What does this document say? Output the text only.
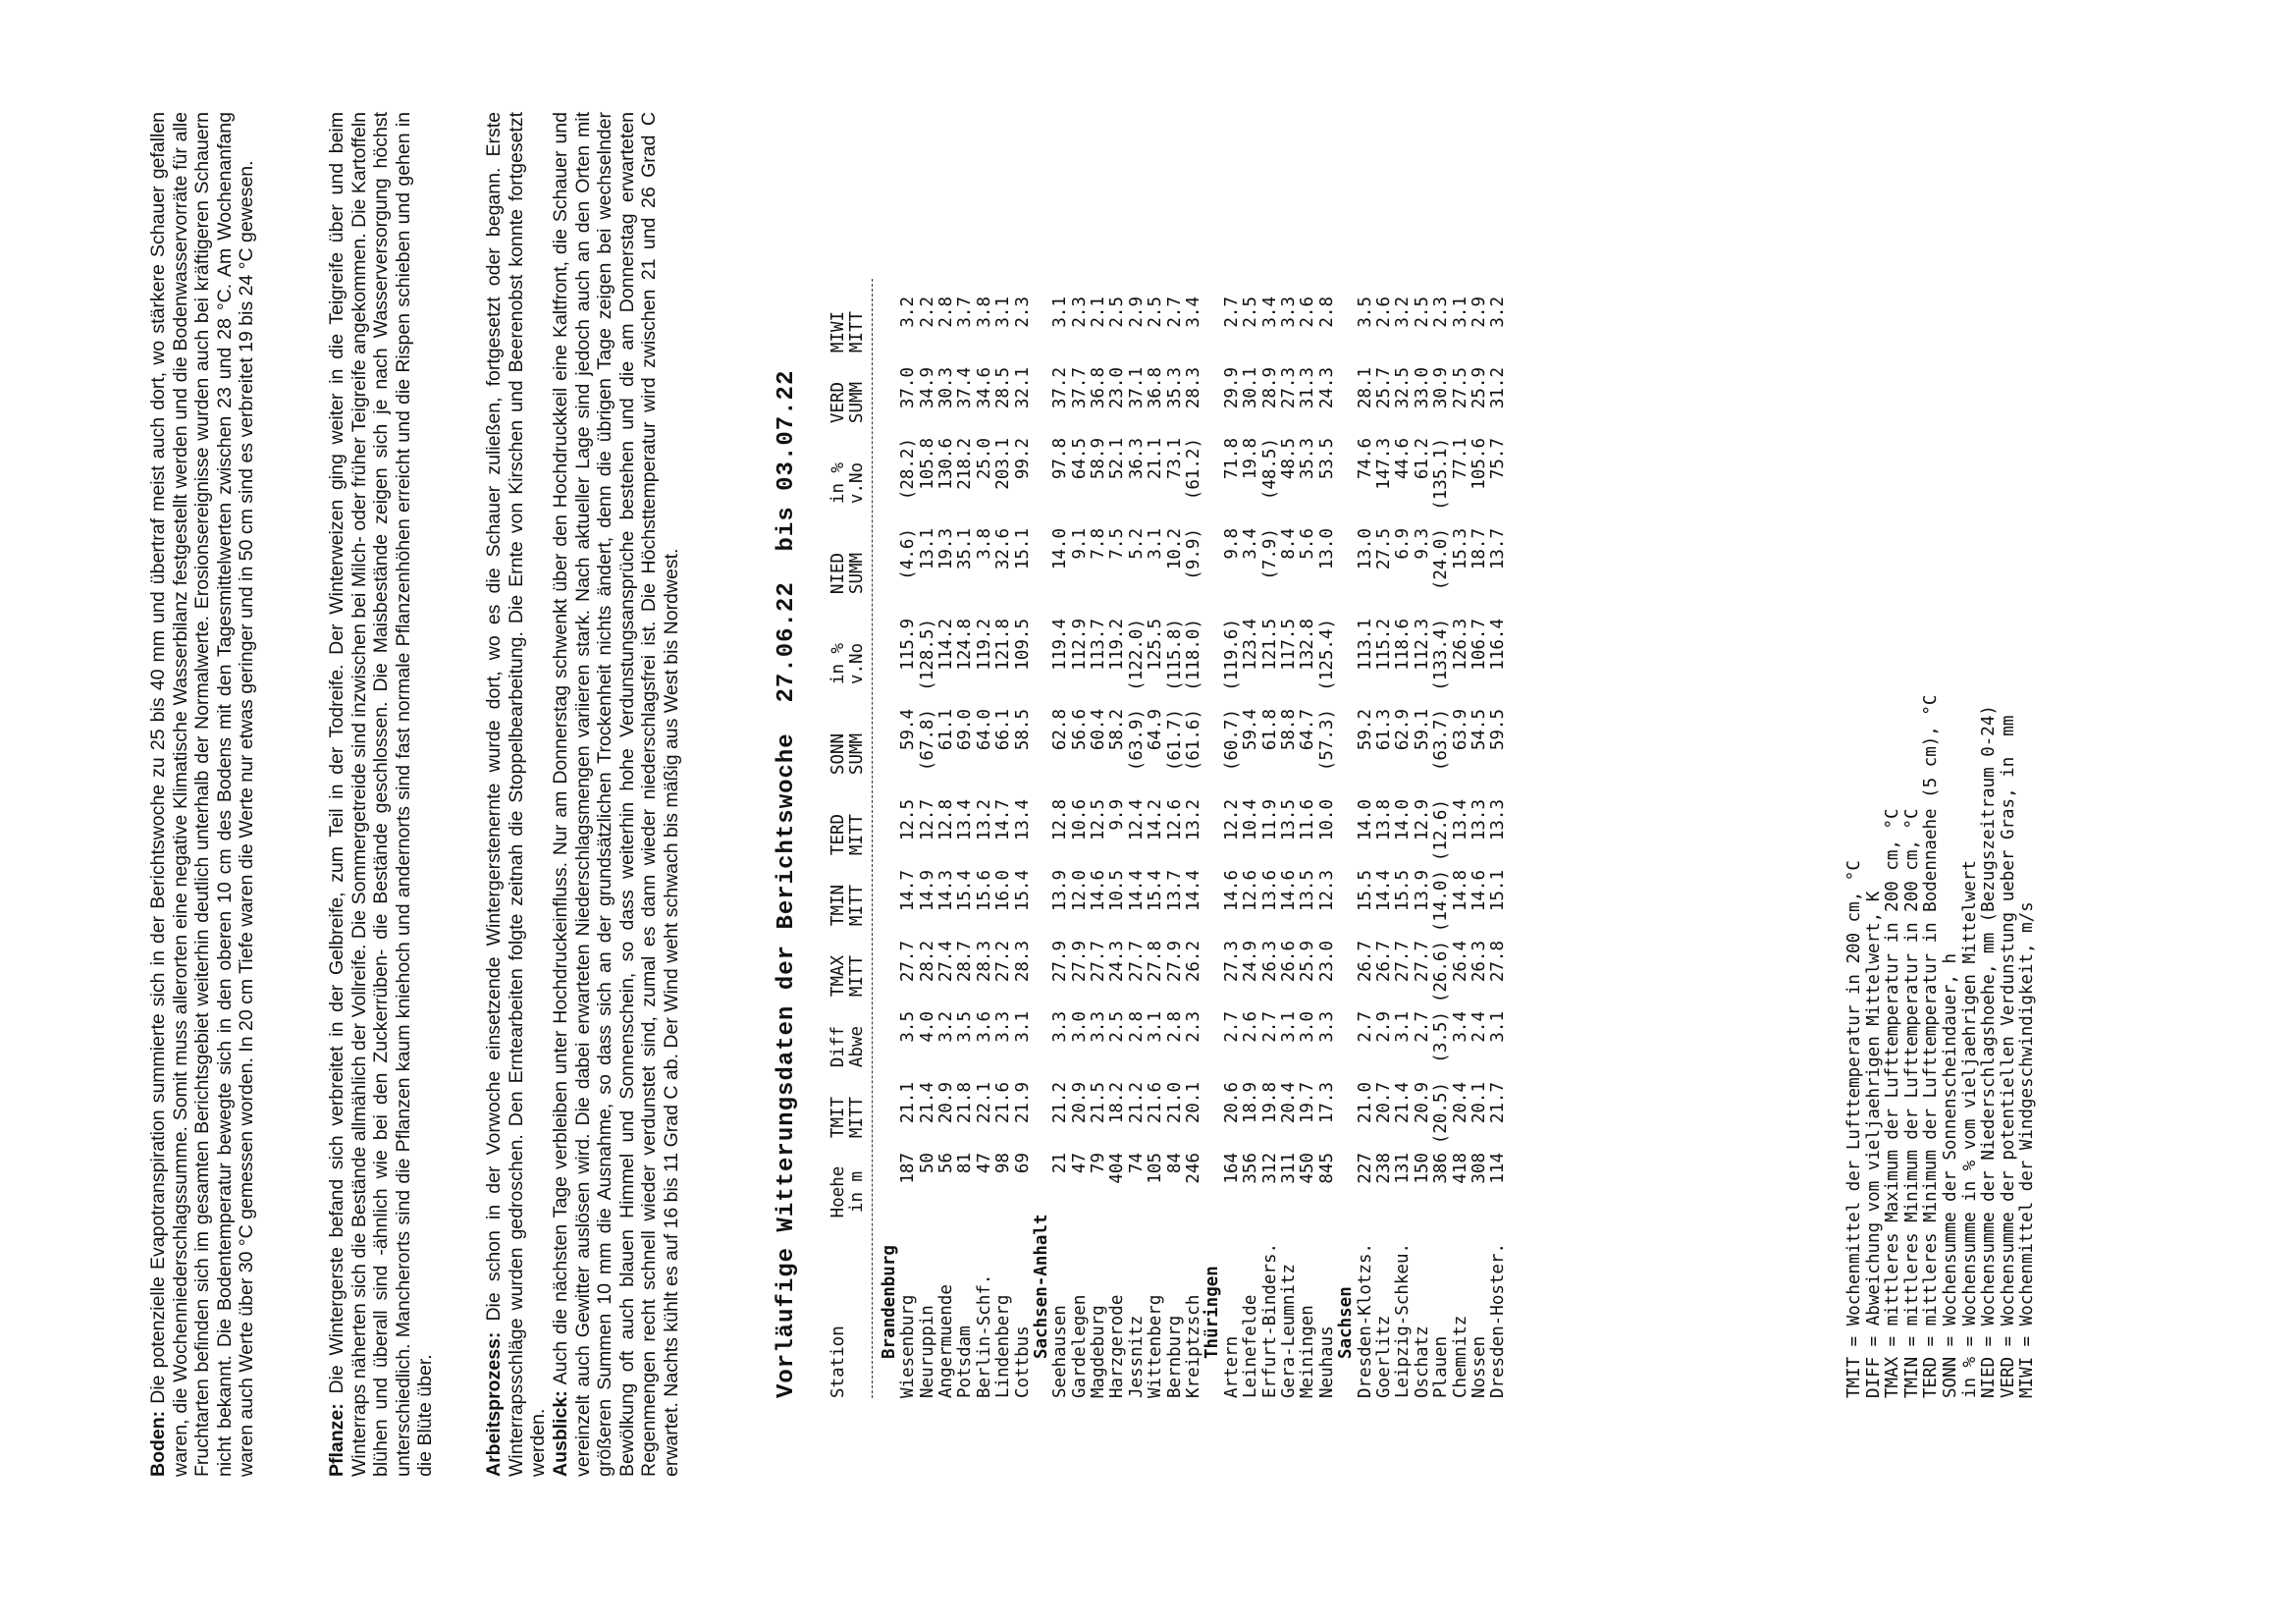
Boden: Die potenzielle Evapotranspiration summierte sich in der Berichtswoche zu 25 bis 40 mm und übertraf meist auch dort, wo stärkere Schauer gefallen waren, die Wochenniederschlagssumme. Somit muss allerorten eine negative Klimatische Wasserbilanz festgestellt werden und die Bodenwasservorräte für alle Fruchtarten befinden sich im gesamten Berichtsgebiet weiterhin deutlich unterhalb der Normalwerte. Erosionsereignisse wurden auch bei kräftigeren Schauern nicht bekannt. Die Bodentemperatur bewegte sich in den oberen 10 cm des Bodens mit den Tagesmittelwerten zwischen 23 und 28 °C. Am Wochenanfang waren auch Werte über 30 °C gemessen worden. In 20 cm Tiefe waren die Werte nur etwas geringer und in 50 cm sind es verbreitet 19 bis 24 °C gewesen.	Pflanze: Die Wintergerste befand sich verbreitet in der Gelbreife, zum Teil in der Todreife. Der Winterweizen ging weiter in die Teigreife über und beim Winterraps näherten sich die Bestände allmählich der Vollreife. Die Sommergetreide sind inzwischen bei Milch- oder früher Teigreife angekommen. Die Kartoffeln blühen und überall sind -ähnlich wie bei den Zuckerrüben- die Bestände geschlossen. Die Maisbestände zeigen sich je nach Wasserversorgung höchst unterschiedlich. Mancherorts sind die Pflanzen kaum kniehoch und andernorts sind fast normale Pflanzenhöhen erreicht und die Rispen schieben und gehen in die Blüte über. Arbeitsprozess: Die schon in der Vorwoche einsetzende Wintergerstenernte wurde dort, wo es die Schauer zuließen, fortgesetzt oder begann. Erste Winterrapsschläge wurden gedroschen. Den Erntearbeiten folgte zeitnah die Stoppelbearbeitung. Die Ernte von Kirschen und Beerenobst konnte fortgesetzt werden. Ausblick: Auch die nächsten Tage verbleiben unter Hochdruckeinfluss. Nur am Donnerstag schwenkt über den Hochdruckkeil eine Kaltfront, die Schauer und vereinzelt auch Gewitter auslösen wird. Die dabei erwarteten Niederschlagsmengen variieren stark. Nach aktueller Lage sind jedoch auch an den Orten mit größeren Summen 10 mm die Ausnahme, so dass sich an der grundsätzlichen Trockenheit nichts ändert, denn die übrigen Tage zeigen bei wechselnder Bewölkung oft auch blauen Himmel und Sonnenschein, so dass weiterhin hohe Verdunstungsansprüche bestehen und die am Donnerstag erwarteten Regenmengen recht schnell wieder verdunstet sind, zumal es dann wieder niederschlagsfrei ist. Die Höchsttemperatur wird zwischen 21 und 26 Grad C erwartet. Nachts kühlt es auf 16 bis 11 Grad C ab. Der Wind weht schwach bis mäßig aus West bis Nordwest.	Vorläufige Witterungsdaten der Berichtswoche  27.06.22  bis 03.07.22 Station
Hoehe
TMIT
Diff
TMAX
TMIN
TERD
SONN
in %
NIED
in %
VERD
MIWI
in m
MITT
Abwe
MITT
MITT
MITT
SUMM
v.No
SUMM
v.No
SUMM
MITT
Brandenburg Wiesenburg
187
21.1
3.5
27.7
14.7
12.5
59.4
115.9
(4.6)
(28.2)
37.0
3.2
Neuruppin
50
21.4
4.0
28.2
14.9
12.7
(67.8)
(128.5)
13.1
105.8
34.9
2.2
Angermuende
56
20.9
3.2
27.4
14.3
12.8
61.1
114.2
19.3
130.6
30.3
2.8
Potsdam
81
21.8
3.5
28.7
15.4
13.4
69.0
124.8
35.1
218.2
37.4
3.7
Berlin-Schf.
47
22.1
3.6
28.3
15.6
13.2
64.0
119.2
3.8
25.0
34.6
3.8
Lindenberg
98
21.6
3.3
27.2
16.0
14.7
66.1
121.8
32.6
203.1
28.5
3.1
Cottbus
69
21.9
3.1
28.3
15.4
13.4
58.5
109.5
15.1
99.2
32.1
2.3
Sachsen-Anhalt Seehausen
21
21.2
3.3
27.9
13.9
12.8
62.8
119.4
14.0
97.8
37.2
3.1
Gardelegen
47
20.9
3.0
27.9
12.0
10.6
56.6
112.9
9.1
64.5
37.7
2.3
Magdeburg
79
21.5
3.3
27.7
14.6
12.5
60.4
113.7
7.8
58.9
36.8
2.1
Harzgerode
404
18.2
2.5
24.3
10.5
9.9
58.2
119.2
7.5
52.1
23.0
2.5
Jessnitz
74
21.2
2.8
27.7
14.4
12.4
(63.9)
(122.0)
5.2
36.3
37.1
2.9
Wittenberg
105
21.6
3.1
27.8
15.4
14.2
64.9
125.5
3.1
21.1
36.8
2.5
Bernburg
84
21.0
2.8
27.9
13.7
12.6
(61.7)
(115.8)
10.2
73.1
35.3
2.7
Kreiptzsch
246
20.1
2.3
26.2
14.4
13.2
(61.6)
(118.0)
(9.9)
(61.2)
28.3
3.4
Thüringen
Artern
164
20.6
2.7
27.3
14.6
12.2
(60.7)
(119.6)
9.8
71.8
29.9
2.7
Leinefelde
356
18.9
2.6
24.9
12.6
10.4
59.4
123.4
3.4
19.8
30.1
2.5
Erfurt-Binders.
312
19.8
2.7
26.3
13.6
11.9
61.8
121.5
(7.9)
(48.5)
28.9
3.4
Gera-Leumnitz
311
20.4
3.1
26.6
14.6
13.5
58.8
117.5
8.4
48.5
27.3
3.3
Meiningen
450
19.7
3.0
25.9
13.5
11.6
64.7
132.8
5.6
35.3
31.3
2.6
Neuhaus
845
17.3
3.3
23.0
12.3
10.0
(57.3)
(125.4)
13.0
53.5
24.3
2.8
Sachsen Dresden-Klotzs.
227
21.0
2.7
26.7
15.5
14.0
59.2
113.1
13.0
74.6
28.1
3.5
Goerlitz
238
20.7
2.9
26.7
14.4
13.8
61.3
115.2
27.5
147.3
25.7
2.6
Leipzig-Schkeu.
131
21.4
3.1
27.7
15.5
14.0
62.9
118.6
6.9
44.6
32.5
3.2
Oschatz
150
20.9
2.7
27.7
13.9
12.9
59.1
112.3
9.3
61.2
33.0
2.5
Plauen
386
(20.5)
(3.5)
(26.6)
(14.0)
(12.6)
(63.7)
(133.4)
(24.0)
(135.1)
30.9
2.3
Chemnitz
418
20.4
3.4
26.4
14.8
13.4
63.9
126.3
15.3
77.1
27.5
3.1
Nossen
308
20.1
2.4
26.3
14.6
13.3
54.5
106.7
18.7
105.6
25.9
2.9
Dresden-Hoster.
114
21.7
3.1
27.8
15.1
13.3
59.5
116.4
13.7
75.7
31.2
3.2
TMIT = Wochenmittel der Lufttemperatur in 200 cm, °C DIFF = Abweichung vom vieljaehrigen Mittelwert, K TMAX = mittleres Maximum der Lufttemperatur in 200 cm, °C TMIN = mittleres Minimum der Lufttemperatur in 200 cm, °C TERD = mittleres Minimum der Lufttemperatur in Bodennaehe (5 cm), °C SONN = Wochensumme der Sonnenscheindauer, h in % = Wochensumme in % vom vieljaehrigen Mittelwert NIED = Wochensumme der Niederschlagshoehe, mm (Bezugszeitraum 0-24) VERD = Wochensumme der potentiellen Verdunstung ueber Gras, in  mm MIWI = Wochenmittel der Windgeschwindigkeit, m/s
